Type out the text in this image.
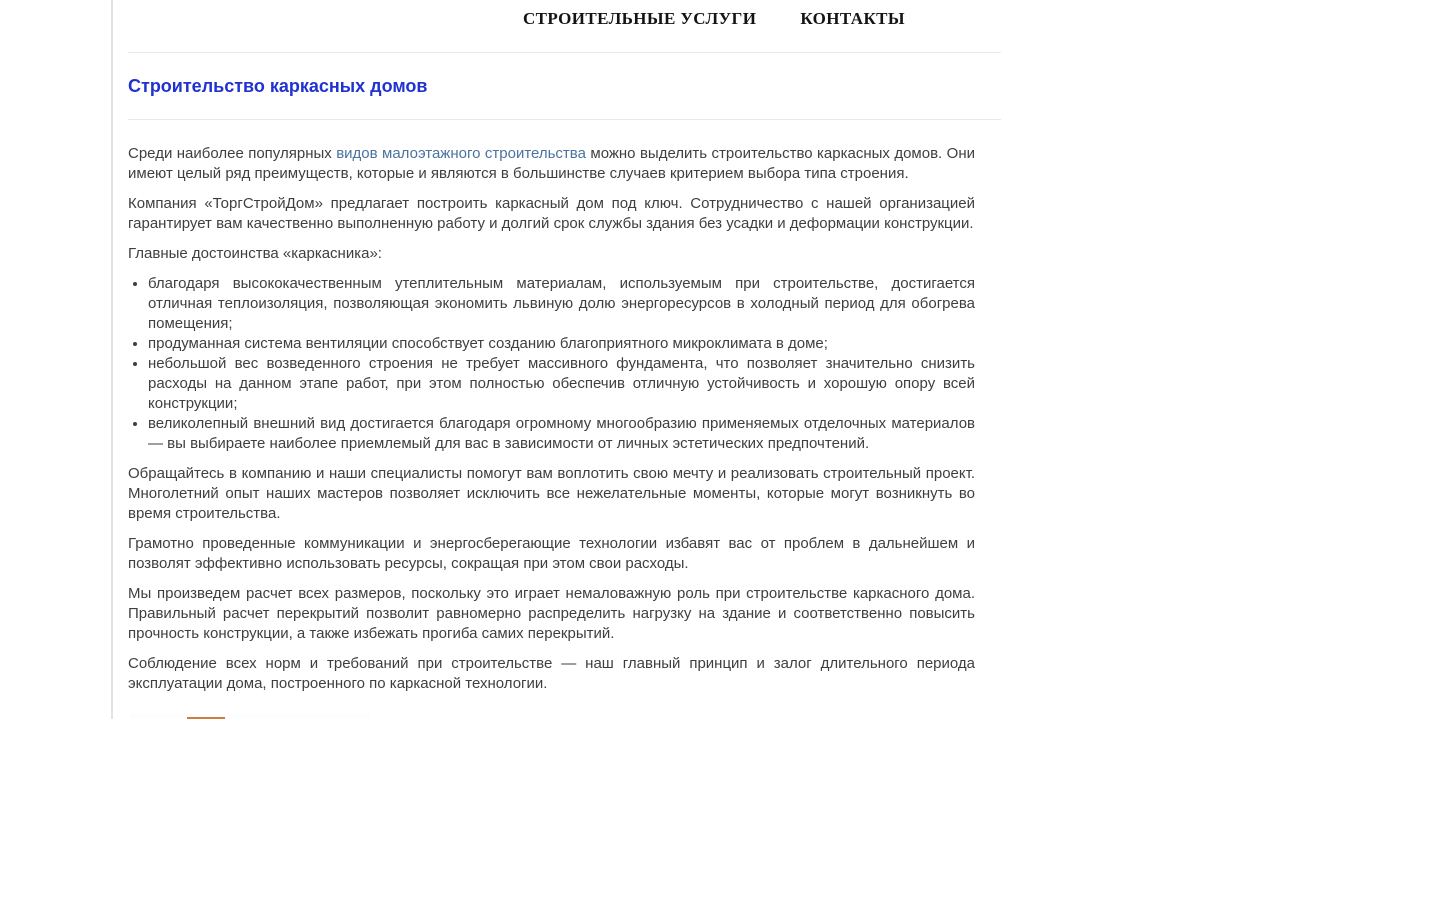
СТРОИТЕЛЬНЫЕ УСЛУГИ	КОНТАКТЫ
Строительство каркасных домов

Среди наиболее популярных видов малоэтажного строительства можно выделить строительство каркасных домов. Они имеют целый ряд преимуществ, которые и являются в большинстве случаев критерием выбора типа строения.

Компания «ТоргСтройДом» предлагает построить каркасный дом под ключ. Сотрудничество с нашей организацией гарантирует вам качественно выполненную работу и долгий срок службы здания без усадки и деформации конструкции.

Главные достоинства «каркасника»:

• благодаря высококачественным утеплительным материалам, используемым при строительстве, достигается отличная теплоизоляция, позволяющая экономить львиную долю энергоресурсов в холодный период для обогрева помещения;
• продуманная система вентиляции способствует созданию благоприятного микроклимата в доме;
• небольшой вес возведенного строения не требует массивного фундамента, что позволяет значительно снизить расходы на данном этапе работ, при этом полностью обеспечив отличную устойчивость и хорошую опору всей конструкции;
• великолепный внешний вид достигается благодаря огромному многообразию применяемых отделочных материалов — вы выбираете наиболее приемлемый для вас в зависимости от личных эстетических предпочтений.

Обращайтесь в компанию и наши специалисты помогут вам воплотить свою мечту и реализовать строительный проект. Многолетний опыт наших мастеров позволяет исключить все нежелательные моменты, которые могут возникнуть во время строительства.

Грамотно проведенные коммуникации и энергосберегающие технологии избавят вас от проблем в дальнейшем и позволят эффективно использовать ресурсы, сокращая при этом свои расходы.

Мы произведем расчет всех размеров, поскольку это играет немаловажную роль при строительстве каркасного дома. Правильный расчет перекрытий позволит равномерно распределить нагрузку на здание и соответственно повысить прочность конструкции, а также избежать прогиба самих перекрытий.

Соблюдение всех норм и требований при строительстве — наш главный принцип и залог длительного периода эксплуатации дома, построенного по каркасной технологии.
